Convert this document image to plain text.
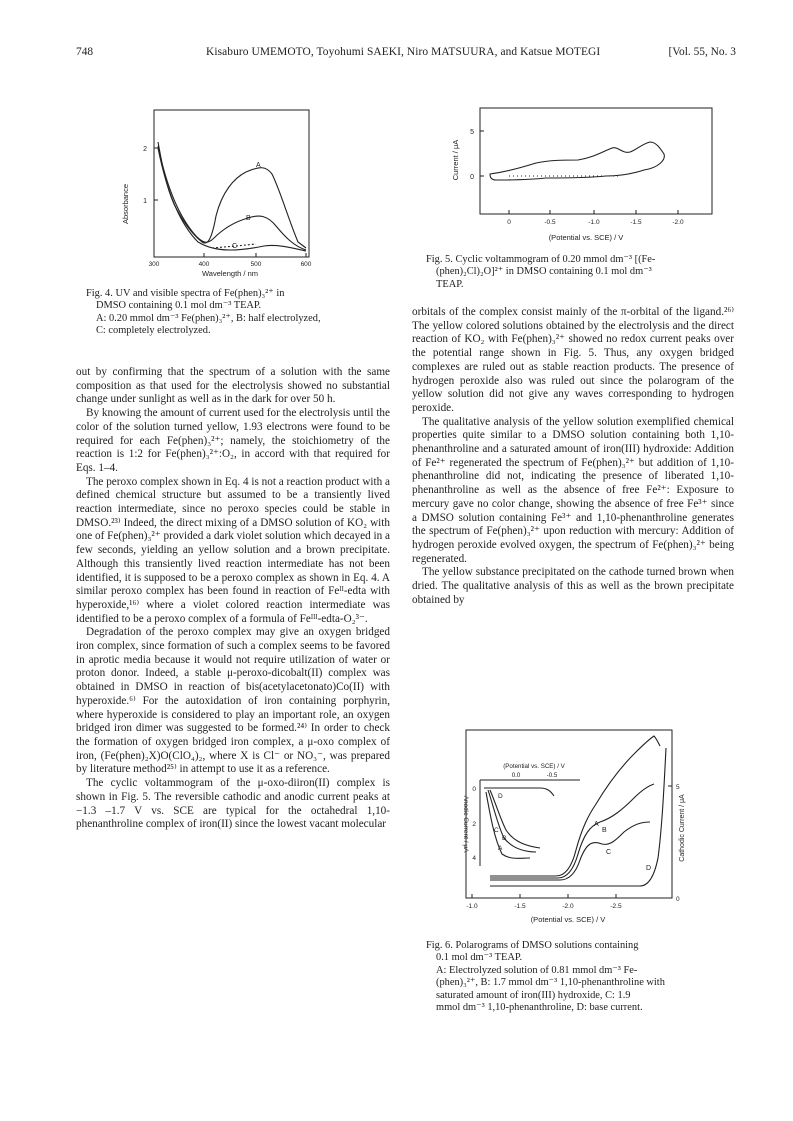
748	Kisaburo UMEMOTO, Toyohumi SAEKI, Niro MATSUURA, and Katsue MOTEGI	[Vol. 55, No. 3
2
1
Absorbance
300	400	500	600
Wavelength / nm
A
B
C
Fig. 4. UV and visible spectra of Fe(phen)₃²⁺ in
DMSO containing 0.1 mol dm⁻³ TEAP.
A: 0.20 mmol dm⁻³ Fe(phen)₃²⁺, B: half electrolyzed,
C: completely electrolyzed.
5
0
Current / μA
0	-0.5	-1.0	-1.5	-2.0
(Potential vs. SCE) / V
Fig. 5. Cyclic voltammogram of 0.20 mmol dm⁻³ [(Fe-
(phen)₂Cl)₂O]²⁺ in DMSO containing 0.1 mol dm⁻³
TEAP.

out by confirming that the spectrum of a solution with the same composition as that used for the electrolysis showed no substantial change under sunlight as well as in the dark for over 50 h.

By knowing the amount of current used for the electrolysis until the color of the solution turned yellow, 1.93 electrons were found to be required for each Fe(phen)₃²⁺; namely, the stoichiometry of the reaction is 1:2 for Fe(phen)₃²⁺:O₂, in accord with that required for Eqs. 1–4.

The peroxo complex shown in Eq. 4 is not a reaction product with a defined chemical structure but assumed to be a transiently lived reaction intermediate, since no peroxo species could be stable in DMSO.²³⁾ Indeed, the direct mixing of a DMSO solution of KO₂ with one of Fe(phen)₃²⁺ provided a dark violet solution which decayed in a few seconds, yielding an yellow solution and a brown precipitate. Although this transiently lived reaction intermediate has not been identified, it is supposed to be a peroxo complex as shown in Eq. 4. A similar peroxo complex has been found in reaction of Feᴵᴵ-edta with hyperoxide,¹⁶⁾ where a violet colored reaction intermediate was identified to be a peroxo complex of a formula of Feᴵᴵᴵ-edta-O₂³⁻.

Degradation of the peroxo complex may give an oxygen bridged iron complex, since formation of such a complex seems to be favored in aprotic media because it would not require utilization of water or proton donor. Indeed, a stable μ-peroxo-dicobalt(II) complex was obtained in DMSO in reaction of bis(acetylacetonato)Co(II) with hyperoxide.⁶⁾ For the autoxidation of iron containing porphyrin, where hyperoxide is considered to play an important role, an oxygen bridged iron dimer was suggested to be formed.²⁴⁾ In order to check the formation of oxygen bridged iron complex, a μ-oxo complex of iron, (Fe(phen)₂X)O(ClO₄)₂, where X is Cl⁻ or NO₃⁻, was prepared by literature method²⁵⁾ in attempt to use it as a reference.

The cyclic voltammogram of the μ-oxo-diiron(II) complex is shown in Fig. 5. The reversible cathodic and anodic current peaks at −1.3 –1.7 V vs. SCE are typical for the octahedral 1,10-phenanthroline complex of iron(II) since the lowest vacant molecular

orbitals of the complex consist mainly of the π-orbital of the ligand.²⁶⁾ The yellow colored solutions obtained by the electrolysis and the direct reaction of KO₂ with Fe(phen)₃²⁺ showed no redox current peaks over the potential range shown in Fig. 5. Thus, any oxygen bridged complexes are ruled out as stable reaction products. The presence of hydrogen peroxide also was ruled out since the polarogram of the yellow solution did not give any waves corresponding to hydrogen peroxide.

The qualitative analysis of the yellow solution exemplified chemical properties quite similar to a DMSO solution containing both 1,10-phenanthroline and a saturated amount of iron(III) hydroxide: Addition of Fe²⁺ regenerated the spectrum of Fe(phen)₃²⁺ but addition of 1,10-phenanthroline did not, indicating the presence of liberated 1,10-phenanthroline as well as the absence of free Fe²⁺: Exposure to mercury gave no color change, showing the absence of free Fe³⁺ since a DMSO solution containing Fe³⁺ and 1,10-phenanthroline generates the spectrum of Fe(phen)₃²⁺ upon reduction with mercury: Addition of hydrogen peroxide evolved oxygen, the spectrum of Fe(phen)₃²⁺ being regenerated.

The yellow substance precipitated on the cathode turned brown when dried. The qualitative analysis of this as well as the brown precipitate obtained by

(Potential vs. SCE) / V
0.0	-0.5
0
2
4
Anodic Current / μA	D
A
B
C
A
B
C
D
5
0
Cathodic Current / μA
-1.0	-1.5	-2.0	-2.5
(Potential vs. SCE) / V
Fig. 6. Polarograms of DMSO solutions containing
0.1 mol dm⁻³ TEAP.
A: Electrolyzed solution of 0.81 mmol dm⁻³ Fe-
(phen)₃²⁺, B: 1.7 mmol dm⁻³ 1,10-phenanthroline with
saturated amount of iron(III) hydroxide, C: 1.9
mmol dm⁻³ 1,10-phenanthroline, D: base current.
